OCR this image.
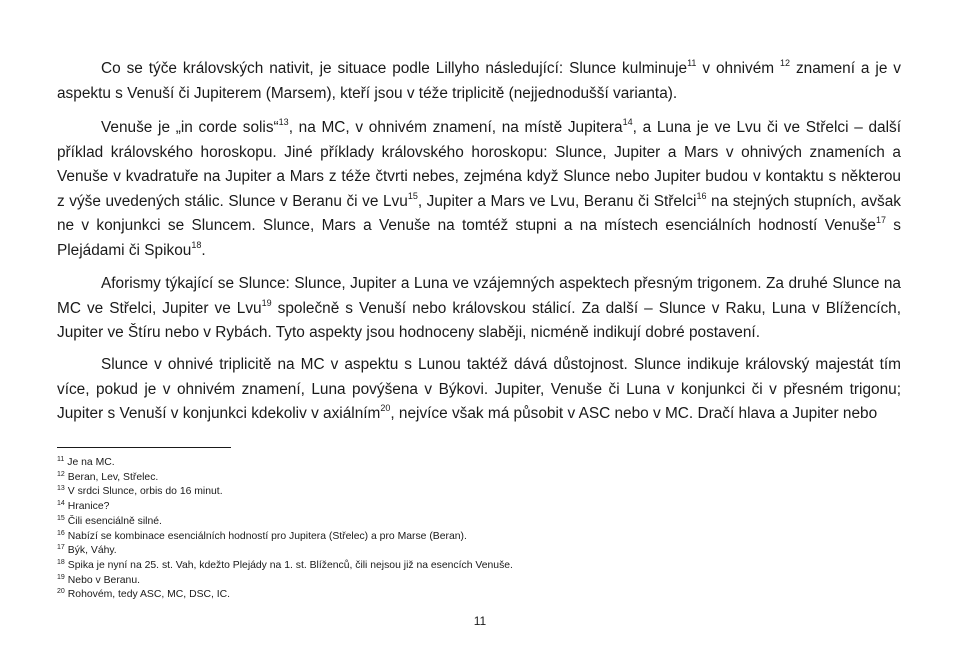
Co se týče královských nativit, je situace podle Lillyho následující: Slunce kulminuje$^{11}$ v ohnivém $^{12}$ znamení a je v aspektu s Venuší či Jupiterem (Marsem), kteří jsou v téže triplicitě (nejjednodušší varianta).

Venuše je „in corde solis“$^{13}$, na MC, v ohnivém znamení, na místě Jupitera$^{14}$, a Luna je ve Lvu či ve Střelci – další příklad královského horoskopu. Jiné příklady královského horoskopu: Slunce, Jupiter a Mars v ohnivých znameních a Venuše v kvadratuře na Jupiter a Mars z téže čtvrti nebes, zejména když Slunce nebo Jupiter budou v kontaktu s některou z výše uvedených stálic. Slunce v Beranu či ve Lvu$^{15}$, Jupiter a Mars ve Lvu, Beranu či Střelci$^{16}$ na stejných stupních, avšak ne v konjunkci se Sluncem. Slunce, Mars a Venuše na tomtéž stupni a na místech esenciálních hodností Venuše$^{17}$ s Plejádami či Spikou$^{18}$.

Aforismy týkající se Slunce: Slunce, Jupiter a Luna ve vzájemných aspektech přesným trigonem. Za druhé Slunce na MC ve Střelci, Jupiter ve Lvu$^{19}$ společně s Venuší nebo královskou stálicí. Za další – Slunce v Raku, Luna v Blížencích, Jupiter ve Štíru nebo v Rybách. Tyto aspekty jsou hodnoceny slaběji, nicméně indikují dobré postavení.

Slunce v ohnivé triplicitě na MC v aspektu s Lunou taktéž dává důstojnost. Slunce indikuje královský majestát tím více, pokud je v ohnivém znamení, Luna povýšena v Býkovi. Jupiter, Venuše či Luna v konjunkci či v přesném trigonu; Jupiter s Venuší v konjunkci kdekoliv v axiálním$^{20}$, nejvíce však má působit v ASC nebo v MC. Dračí hlava a Jupiter nebo

$^{11}$ Je na MC.

$^{12}$ Beran, Lev, Střelec.

$^{13}$ V srdci Slunce, orbis do 16 minut.

$^{14}$ Hranice?

$^{15}$ Čili esenciálně silné.

$^{16}$ Nabízí se kombinace esenciálních hodností pro Jupitera (Střelec) a pro Marse (Beran).

$^{17}$ Býk, Váhy.

$^{18}$ Spika je nyní na 25. st. Vah, kdežto Plejády na 1. st. Blíženců, čili nejsou již na esencích Venuše.

$^{19}$ Nebo v Beranu.

$^{20}$ Rohovém, tedy ASC, MC, DSC, IC.

11
